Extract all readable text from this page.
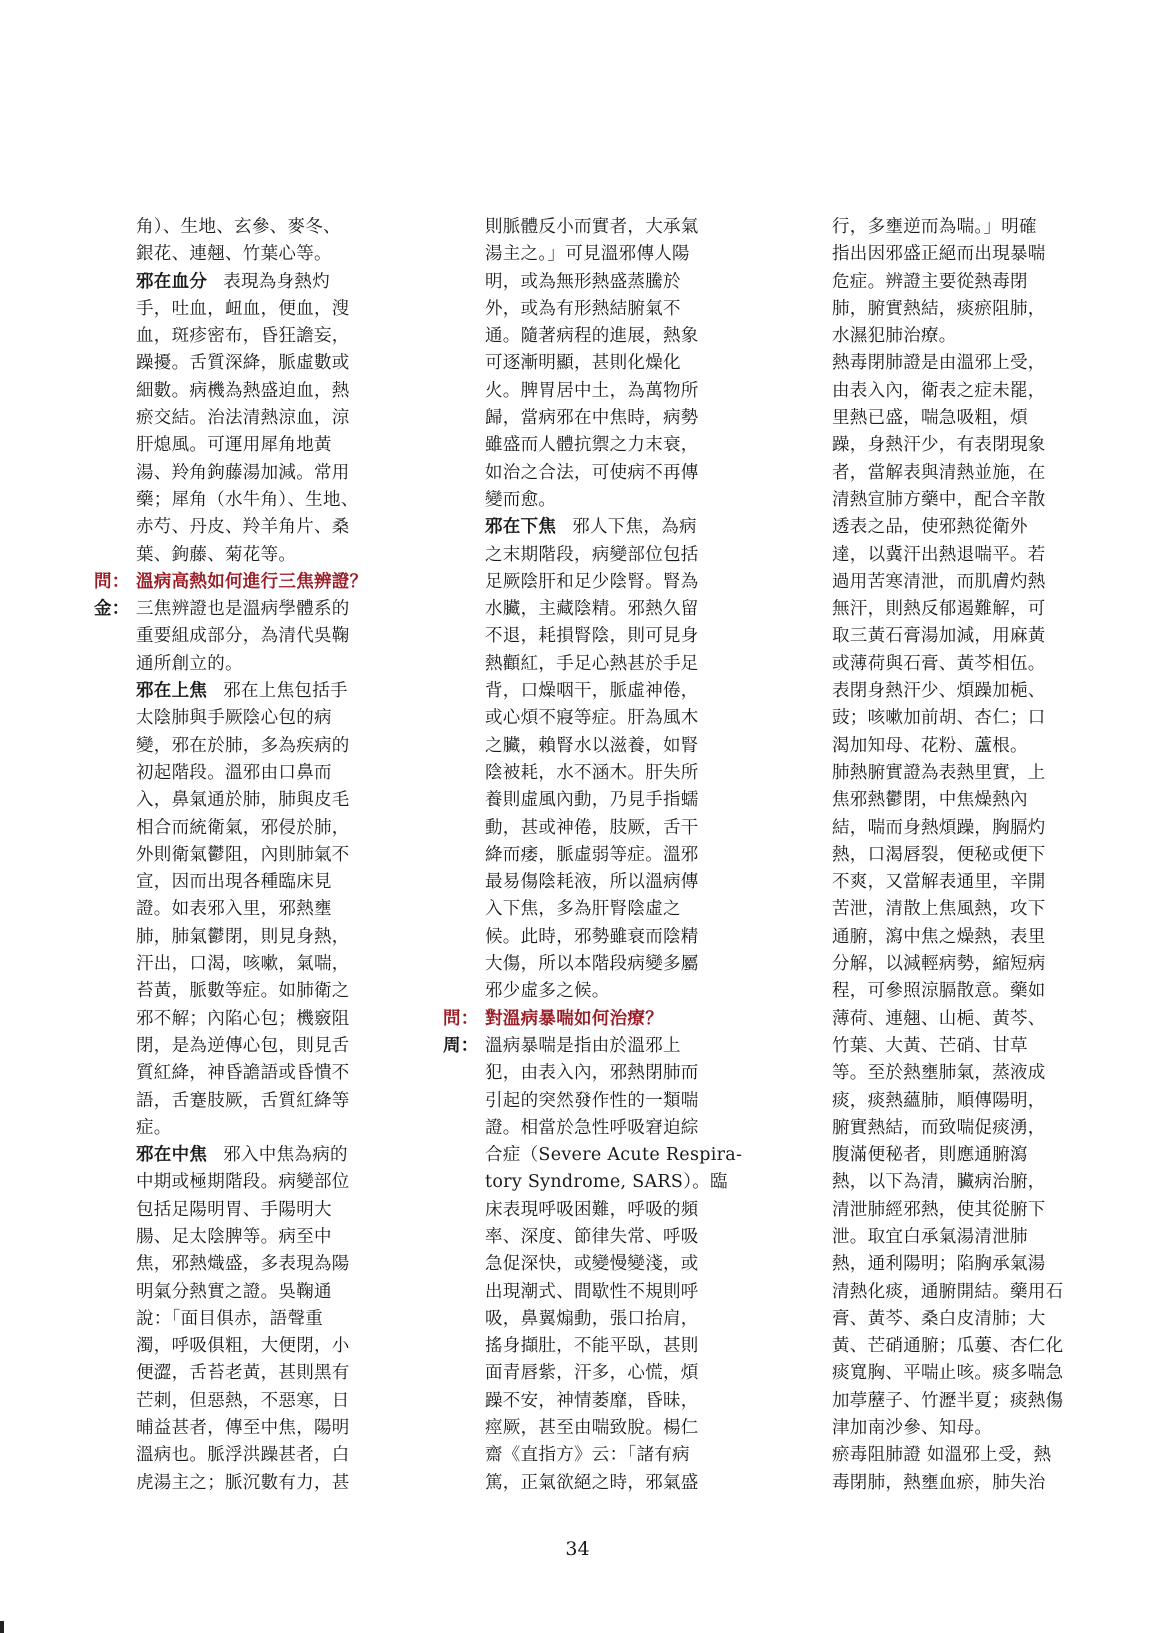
角）、生地、玄參、麥冬、
銀花、連翹、竹葉心等。
邪在血分 表現為身熱灼
手，吐血，衄血，便血，溲
血，斑疹密布，昏狂譫妄，
躁擾。舌質深絳，脈虛數或
細數。病機為熱盛迫血，熱
瘀交結。治法清熱涼血，涼
肝熄風。可運用犀角地黃
湯、羚角鉤藤湯加減。常用
藥；犀角（水牛角）、生地、
赤芍、丹皮、羚羊角片、桑
葉、鉤藤、菊花等。
問： 溫病高熱如何進行三焦辨證？
金： 三焦辨證也是溫病學體系的
重要組成部分，為清代吳鞠
通所創立的。
邪在上焦 邪在上焦包括手
太陰肺與手厥陰心包的病
變，邪在於肺，多為疾病的
初起階段。溫邪由口鼻而
入，鼻氣通於肺，肺與皮毛
相合而統衛氣，邪侵於肺，
外則衛氣鬱阻，內則肺氣不
宣，因而出現各種臨床見
證。如表邪入里，邪熱壅
肺，肺氣鬱閉，則見身熱，
汗出，口渴，咳嗽，氣喘，
苔黃，脈數等症。如肺衛之
邪不解；內陷心包；機竅阻
閉，是為逆傳心包，則見舌
質紅絳，神昏譫語或昏憒不
語，舌蹇肢厥，舌質紅絳等
症。
邪在中焦 邪入中焦為病的
中期或極期階段。病變部位
包括足陽明胃、手陽明大
腸、足太陰脾等。病至中
焦，邪熱熾盛，多表現為陽
明氣分熱實之證。吳鞠通
說：「面目俱赤，語聲重
濁，呼吸俱粗，大便閉，小
便澀，舌苔老黃，甚則黑有
芒刺，但惡熱，不惡寒，日
晡益甚者，傳至中焦，陽明
溫病也。脈浮洪躁甚者，白
虎湯主之；脈沉數有力，甚
則脈體反小而實者，大承氣
湯主之。」可見溫邪傳人陽
明，或為無形熱盛蒸騰於
外，或為有形熱結腑氣不
通。隨著病程的進展，熱象
可逐漸明顯，甚則化燥化
火。脾胃居中土，為萬物所
歸，當病邪在中焦時，病勢
雖盛而人體抗禦之力末衰，
如治之合法，可使病不再傳
變而愈。
邪在下焦 邪人下焦，為病
之末期階段，病變部位包括
足厥陰肝和足少陰腎。腎為
水臟，主藏陰精。邪熱久留
不退，耗損腎陰，則可見身
熱顴紅，手足心熱甚於手足
背，口燥咽干，脈虛神倦，
或心煩不寢等症。肝為風木
之臟，賴腎水以滋養，如腎
陰被耗，水不涵木。肝失所
養則虛風內動，乃見手指蠕
動，甚或神倦，肢厥，舌干
絳而痿，脈虛弱等症。溫邪
最易傷陰耗液，所以溫病傳
入下焦，多為肝腎陰虛之
候。此時，邪勢雖衰而陰精
大傷，所以本階段病變多屬
邪少虛多之候。
問： 對溫病暴喘如何治療？
周： 溫病暴喘是指由於溫邪上
犯，由表入內，邪熱閉肺而
引起的突然發作性的一類喘
證。相當於急性呼吸窘迫綜
合症（Severe Acute Respira-
tory Syndrome, SARS）。臨
床表現呼吸困難，呼吸的頻
率、深度、節律失常、呼吸
急促深快，或變慢變淺，或
出現潮式、間歇性不規則呼
吸，鼻翼煽動，張口抬肩，
搖身擷肚，不能平臥，甚則
面青唇紫，汗多，心慌，煩
躁不安，神情萎靡，昏昧，
痙厥，甚至由喘致脫。楊仁
齋《直指方》云：「諸有病
篤，正氣欲絕之時，邪氣盛
行，多壅逆而為喘。」明確
指出因邪盛正絕而出現暴喘
危症。辨證主要從熱毒閉
肺，腑實熱結，痰瘀阻肺，
水濕犯肺治療。
熱毒閉肺證是由溫邪上受，
由表入內，衛表之症未罷，
里熱已盛，喘急吸粗，煩
躁，身熱汗少，有表閉現象
者，當解表與清熱並施，在
清熱宣肺方藥中，配合辛散
透表之品，使邪熱從衛外
達，以冀汗出熱退喘平。若
過用苦寒清泄，而肌膚灼熱
無汗，則熱反郁遏難解，可
取三黃石膏湯加減，用麻黃
或薄荷與石膏、黃芩相伍。
表閉身熱汗少、煩躁加梔、
豉；咳嗽加前胡、杏仁；口
渴加知母、花粉、蘆根。
肺熱腑實證為表熱里實，上
焦邪熱鬱閉，中焦燥熱內
結，喘而身熱煩躁，胸膈灼
熱，口渴唇裂，便秘或便下
不爽，又當解表通里，辛開
苦泄，清散上焦風熱，攻下
通腑，瀉中焦之燥熱，表里
分解，以減輕病勢，縮短病
程，可參照涼膈散意。藥如
薄荷、連翹、山梔、黃芩、
竹葉、大黃、芒硝、甘草
等。至於熱壅肺氣，蒸液成
痰，痰熱蘊肺，順傳陽明，
腑實熱結，而致喘促痰湧，
腹滿便秘者，則應通腑瀉
熱，以下為清，臟病治腑，
清泄肺經邪熱，使其從腑下
泄。取宜白承氣湯清泄肺
熱，通利陽明；陷胸承氣湯
清熱化痰，通腑開結。藥用石
膏、黃芩、桑白皮清肺；大
黃、芒硝通腑；瓜蔞、杏仁化
痰寬胸、平喘止咳。痰多喘急
加葶藶子、竹瀝半夏；痰熱傷
津加南沙參、知母。
瘀毒阻肺證 如溫邪上受，熱
毒閉肺，熱壅血瘀，肺失治
34
